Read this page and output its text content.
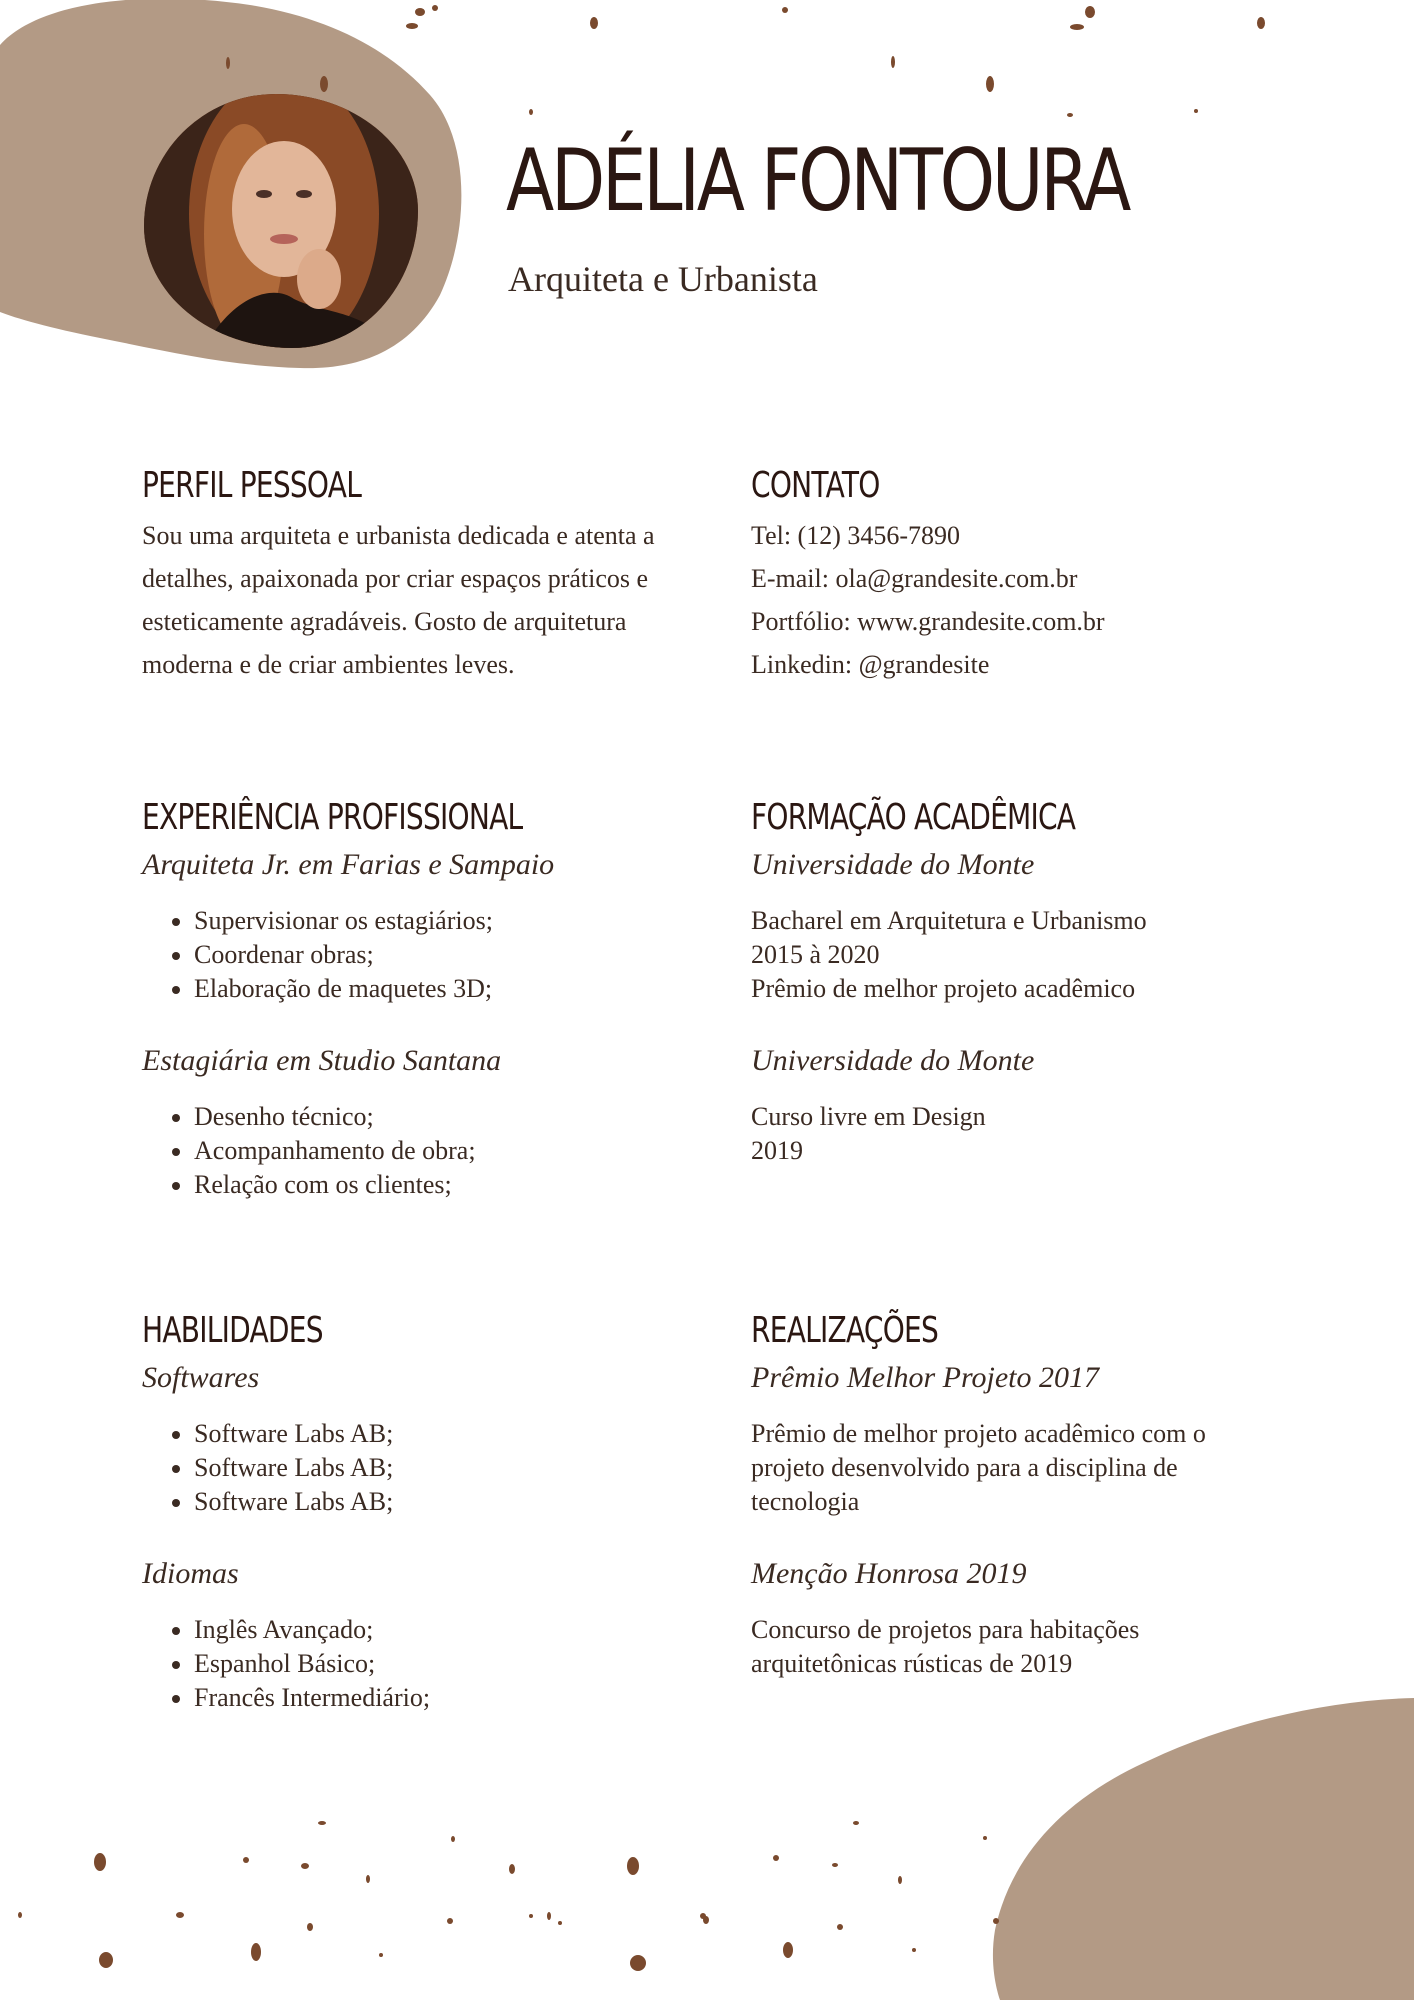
ADÉLIA FONTOURA
Arquiteta e Urbanista
PERFIL PESSOAL
Sou uma arquiteta e urbanista dedicada e atenta a detalhes, apaixonada por criar espaços práticos e esteticamente agradáveis. Gosto de arquitetura moderna e de criar ambientes leves.
CONTATO
Tel: (12) 3456-7890
E-mail: ola@grandesite.com.br
Portfólio: www.grandesite.com.br
Linkedin: @grandesite
EXPERIÊNCIA PROFISSIONAL
Arquiteta Jr. em Farias e Sampaio
• Supervisionar os estagiários;
• Coordenar obras;
• Elaboração de maquetes 3D;
Estagiária em Studio Santana
• Desenho técnico;
• Acompanhamento de obra;
• Relação com os clientes;
FORMAÇÃO ACADÊMICA
Universidade do Monte
Bacharel em Arquitetura e Urbanismo
2015 à 2020
Prêmio de melhor projeto acadêmico
Universidade do Monte
Curso livre em Design
2019
HABILIDADES
Softwares
• Software Labs AB;
• Software Labs AB;
• Software Labs AB;
Idiomas
• Inglês Avançado;
• Espanhol Básico;
• Francês Intermediário;
REALIZAÇÕES
Prêmio Melhor Projeto 2017
Prêmio de melhor projeto acadêmico com o
projeto desenvolvido para a disciplina de
tecnologia
Menção Honrosa 2019
Concurso de projetos para habitações
arquitetônicas rústicas de 2019
